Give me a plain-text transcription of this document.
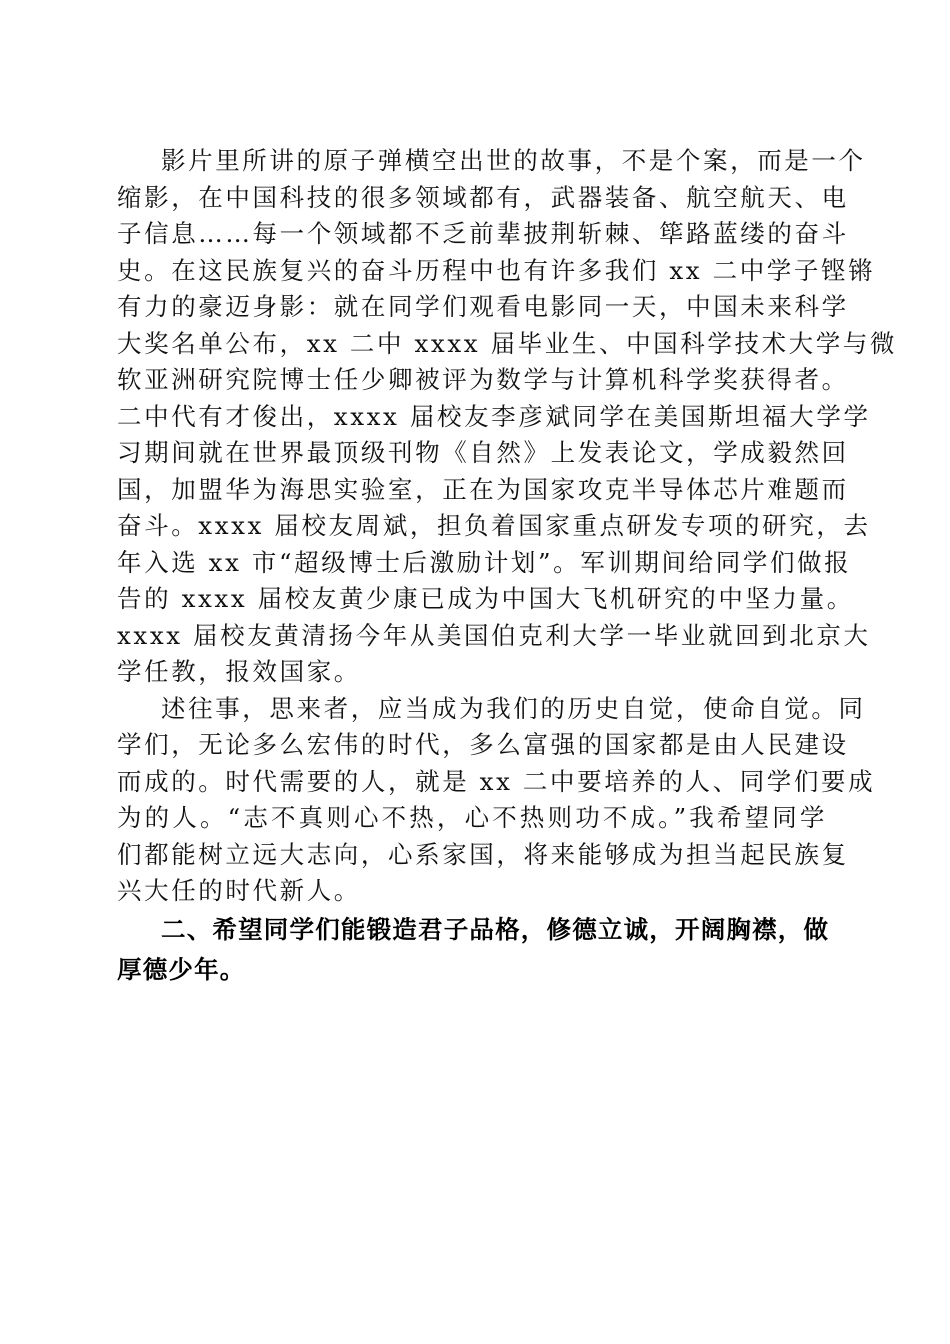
影片里所讲的原子弹横空出世的故事，不是个案，而是一个
缩影，在中国科技的很多领域都有，武器装备、航空航天、电
子信息……每一个领域都不乏前辈披荆斩棘、筚路蓝缕的奋斗
史。在这民族复兴的奋斗历程中也有许多我们 xx 二中学子铿锵
有力的豪迈身影：就在同学们观看电影同一天，中国未来科学
大奖名单公布，xx 二中 xxxx 届毕业生、中国科学技术大学与微
软亚洲研究院博士任少卿被评为数学与计算机科学奖获得者。
二中代有才俊出，xxxx 届校友李彦斌同学在美国斯坦福大学学
习期间就在世界最顶级刊物《自然》上发表论文，学成毅然回
国，加盟华为海思实验室，正在为国家攻克半导体芯片难题而
奋斗。xxxx 届校友周斌，担负着国家重点研发专项的研究，去
年入选 xx 市“超级博士后激励计划”。军训期间给同学们做报
告的 xxxx 届校友黄少康已成为中国大飞机研究的中坚力量。
xxxx 届校友黄清扬今年从美国伯克利大学一毕业就回到北京大
学任教，报效国家。
述往事，思来者，应当成为我们的历史自觉，使命自觉。同
学们，无论多么宏伟的时代，多么富强的国家都是由人民建设
而成的。时代需要的人，就是 xx 二中要培养的人、同学们要成
为的人。“志不真则心不热，心不热则功不成。”我希望同学
们都能树立远大志向，心系家国，将来能够成为担当起民族复
兴大任的时代新人。
二、希望同学们能锻造君子品格，修德立诚，开阔胸襟，做
厚德少年。
